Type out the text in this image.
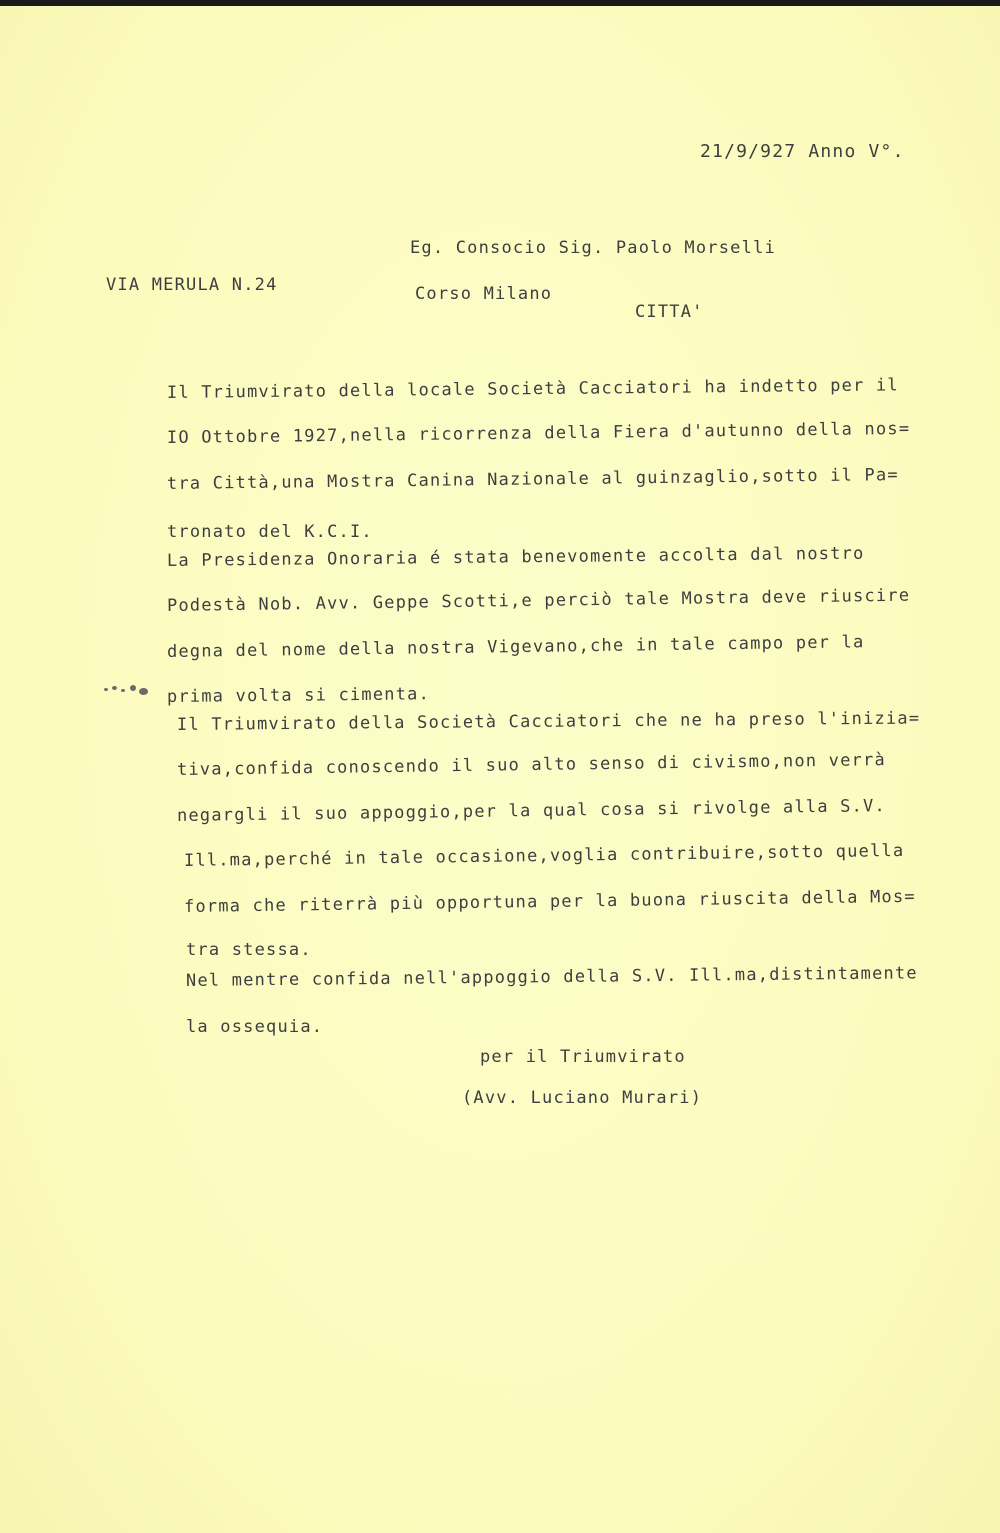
21/9/927 Anno V°.
Eg. Consocio Sig. Paolo Morselli
VIA MERULA N.24	Corso Milano
CITTA'
Il Triumvirato della locale Società Cacciatori ha indetto per il
IO Ottobre 1927,nella ricorrenza della Fiera d'autunno della nos=
tra Città,una Mostra Canina Nazionale al guinzaglio,sotto il Pa=
tronato del K.C.I.
La Presidenza Onoraria é stata benevomente accolta dal nostro
Podestà Nob. Avv. Geppe Scotti,e perciò tale Mostra deve riuscire
degna del nome della nostra Vigevano,che in tale campo per la
prima volta si cimenta.
Il Triumvirato della Società Cacciatori che ne ha preso l'inizia=
tiva,confida conoscendo il suo alto senso di civismo,non verrà
negargli il suo appoggio,per la qual cosa si rivolge alla S.V.
Ill.ma,perché in tale occasione,voglia contribuire,sotto quella
forma che riterrà più opportuna per la buona riuscita della Mos=
tra stessa.
Nel mentre confida nell'appoggio della S.V. Ill.ma,distintamente
la ossequia.
per il Triumvirato
(Avv. Luciano Murari)
